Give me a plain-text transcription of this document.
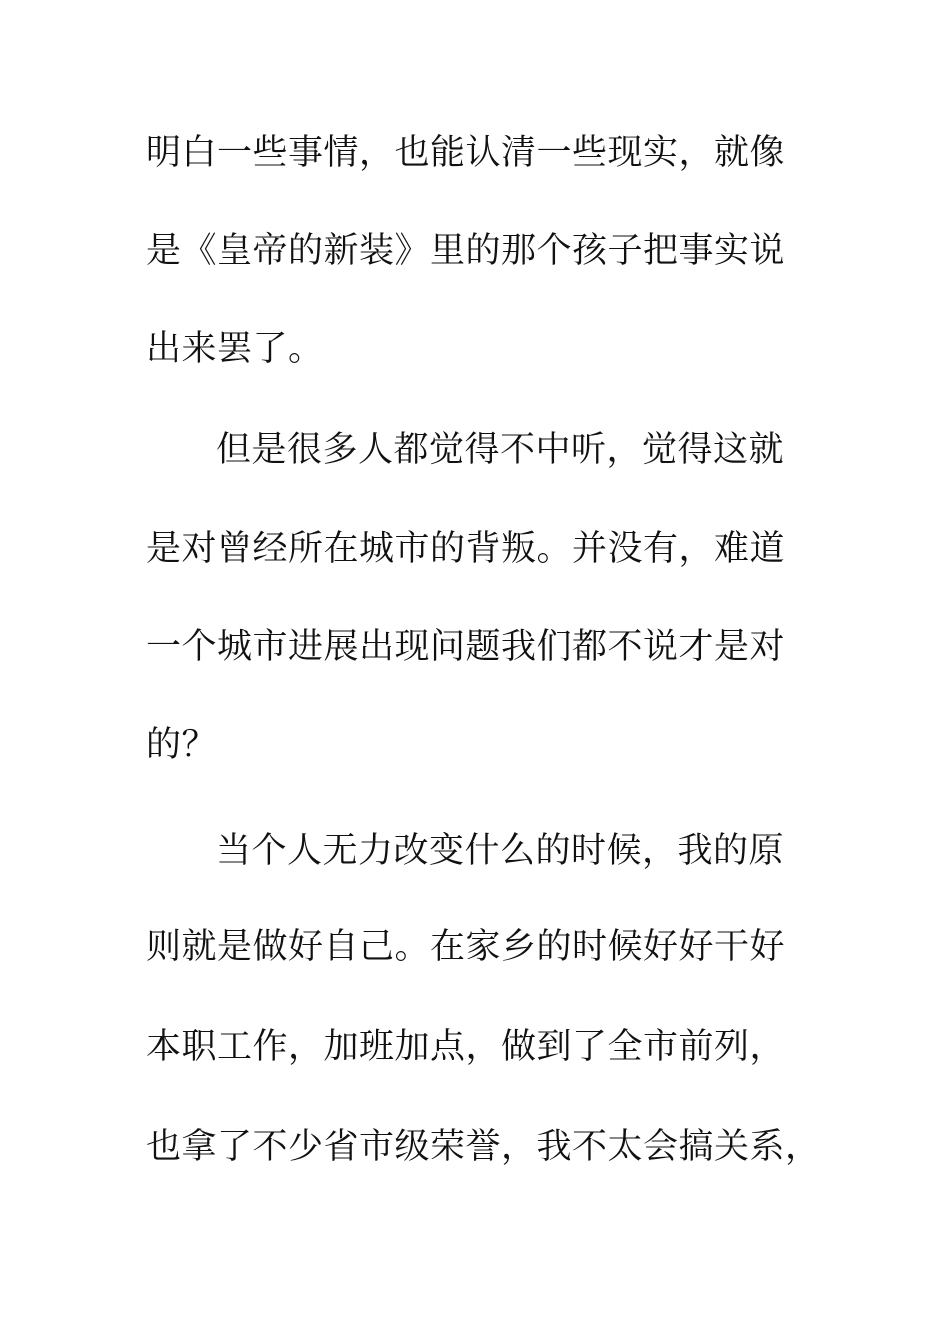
明白一些事情，也能认清一些现实，就像
是《皇帝的新装》里的那个孩子把事实说
出来罢了。
但是很多人都觉得不中听，觉得这就
是对曾经所在城市的背叛。并没有，难道
一个城市进展出现问题我们都不说才是对
的？
当个人无力改变什么的时候，我的原
则就是做好自己。在家乡的时候好好干好
本职工作，加班加点，做到了全市前列，
也拿了不少省市级荣誉，我不太会搞关系，
